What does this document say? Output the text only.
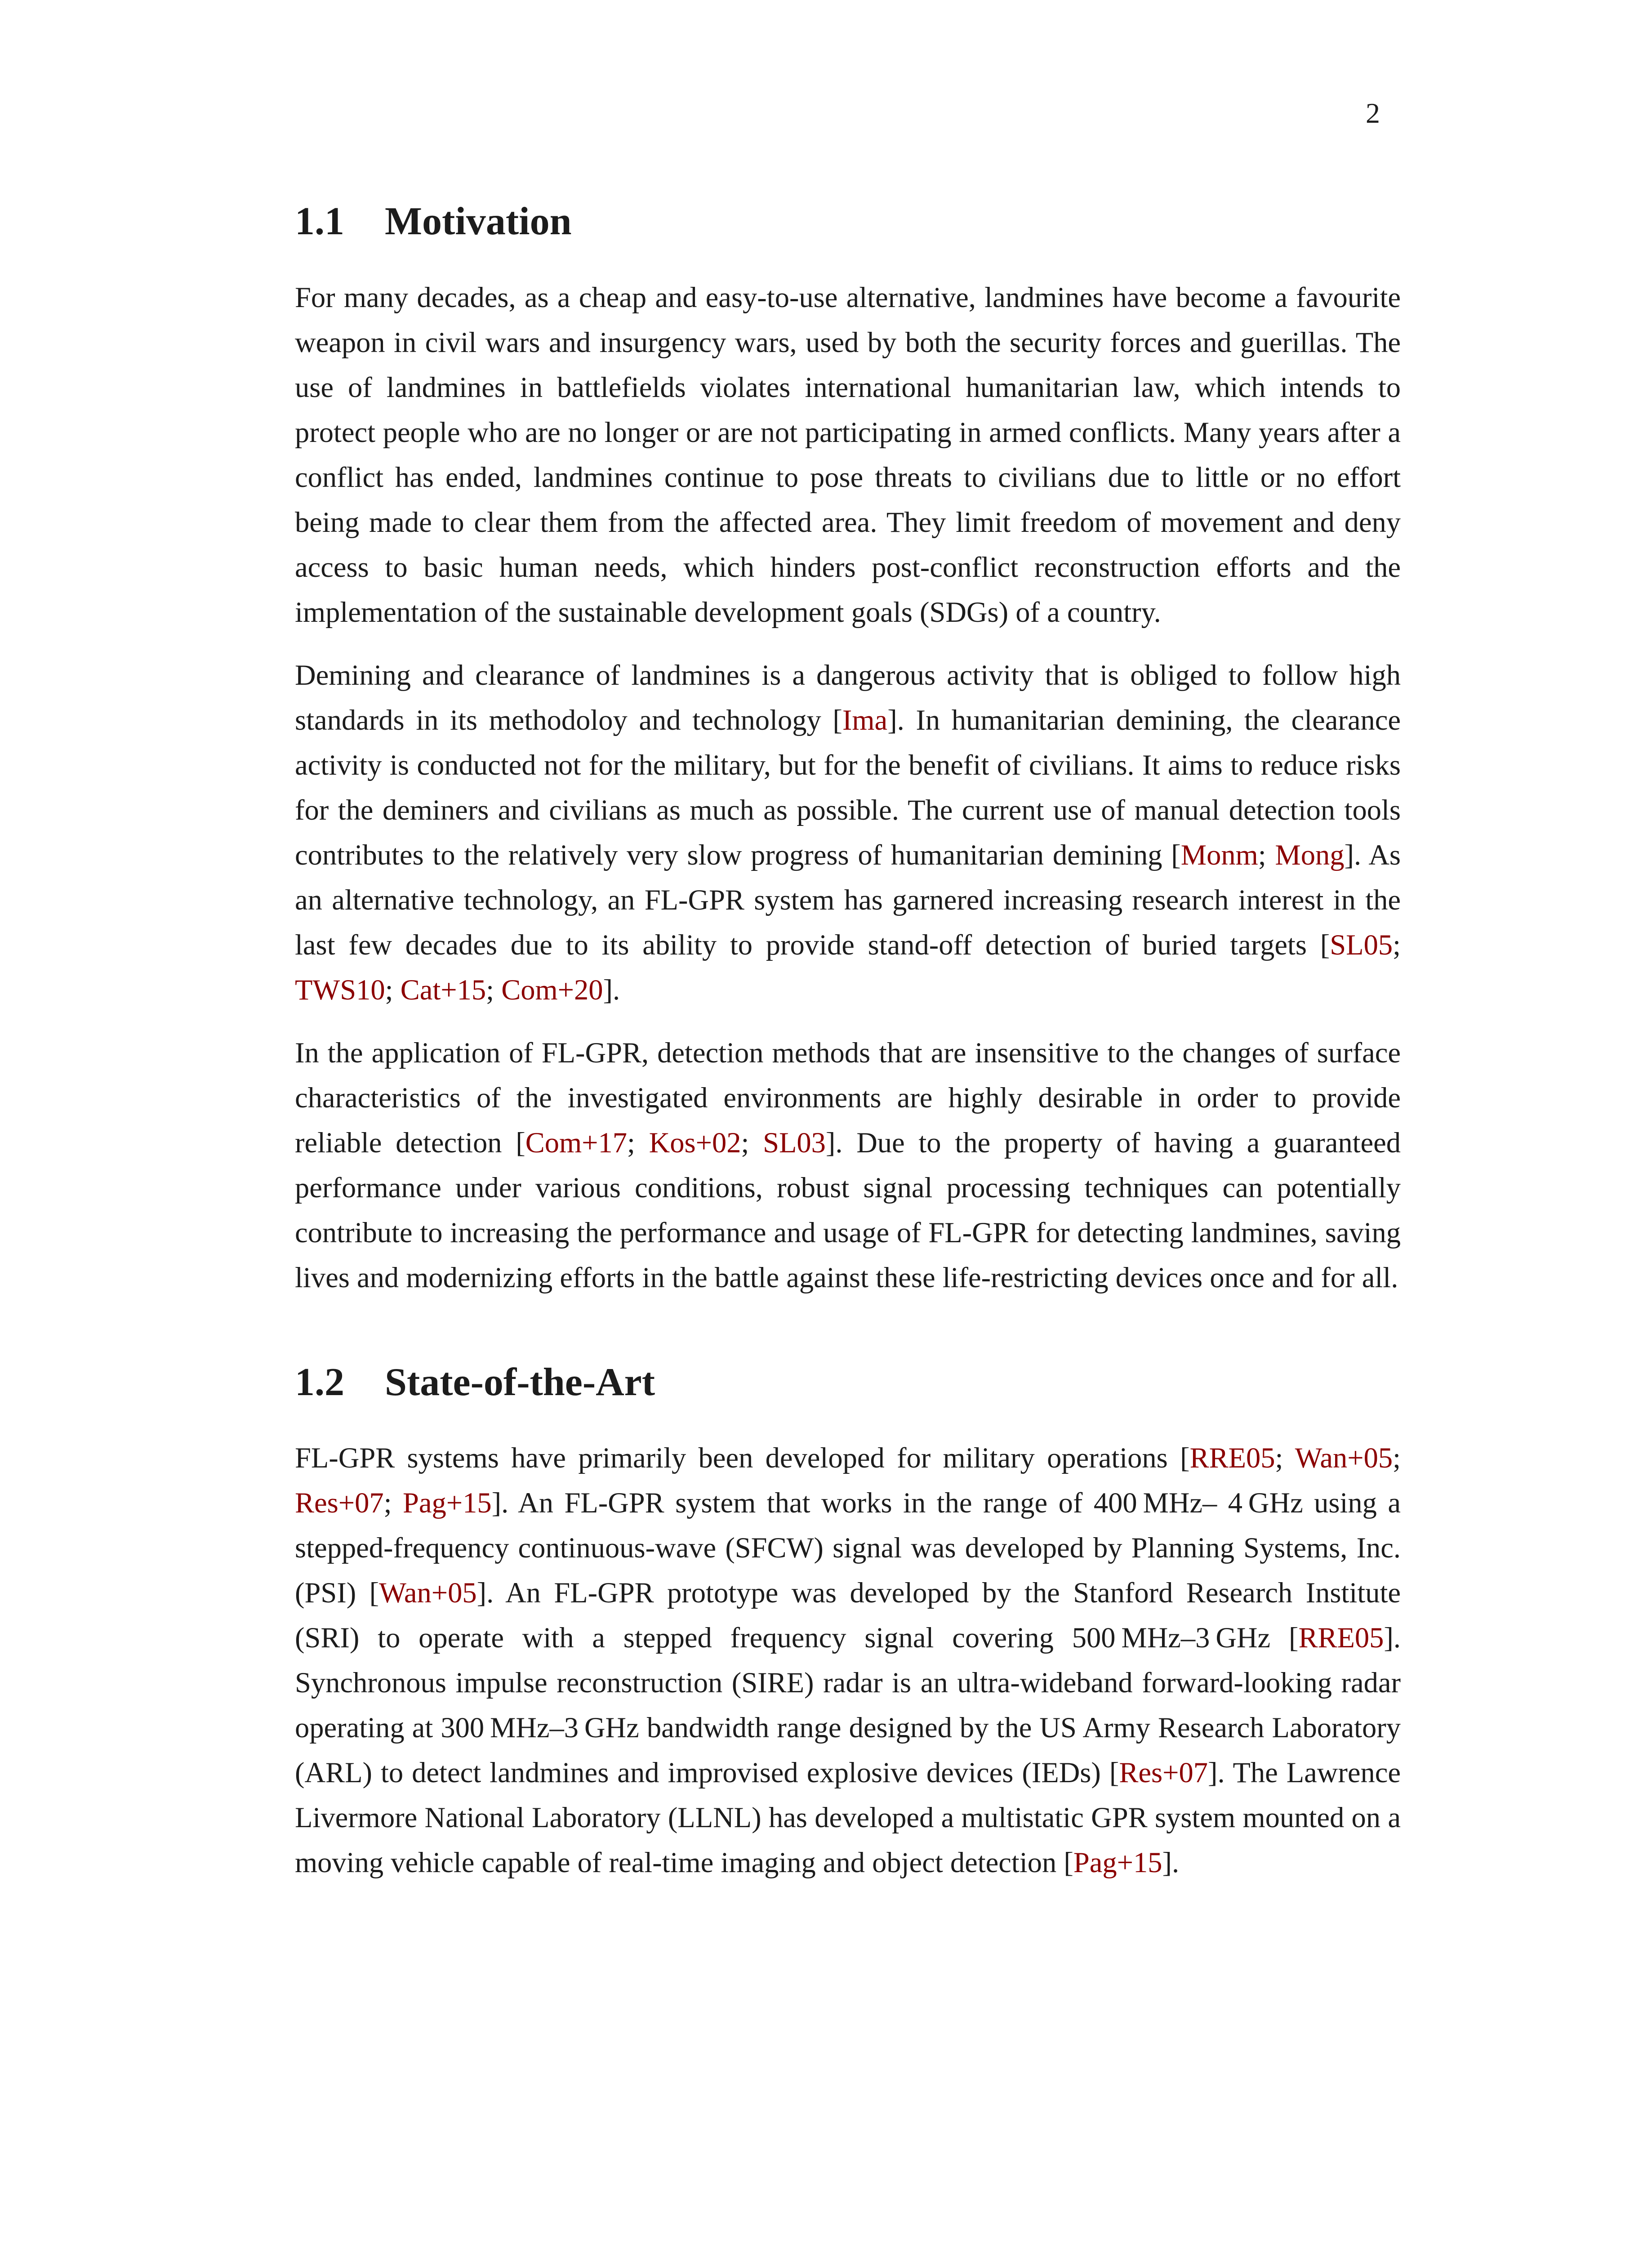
2
1.1	Motivation

For many decades, as a cheap and easy-to-use alternative, landmines have become a favourite weapon in civil wars and insurgency wars, used by both the security forces and guerillas. The use of landmines in battlefields violates international humanitarian law, which intends to protect people who are no longer or are not participating in armed conflicts. Many years after a conflict has ended, landmines continue to pose threats to civilians due to little or no effort being made to clear them from the affected area. They limit freedom of movement and deny access to basic human needs, which hinders post-conflict reconstruction efforts and the implementation of the sustainable development goals (SDGs) of a country.

Demining and clearance of landmines is a dangerous activity that is obliged to follow high standards in its methodoloy and technology [Ima]. In humanitarian demining, the clearance activity is conducted not for the military, but for the benefit of civilians. It aims to reduce risks for the deminers and civilians as much as possible. The current use of manual detection tools contributes to the relatively very slow progress of humanitarian demining [Monm; Mong]. As an alternative technology, an FL-GPR system has garnered increasing research interest in the last few decades due to its ability to provide stand-off detection of buried targets [SL05; TWS10; Cat+15; Com+20].

In the application of FL-GPR, detection methods that are insensitive to the changes of surface characteristics of the investigated environments are highly desirable in order to provide reliable detection [Com+17; Kos+02; SL03]. Due to the property of having a guaranteed performance under various conditions, robust signal processing techniques can potentially contribute to increasing the performance and usage of FL-GPR for detecting landmines, saving lives and modernizing efforts in the battle against these life-restricting devices once and for all.

1.2	State-of-the-Art

FL-GPR systems have primarily been developed for military operations [RRE05; Wan+05; Res+07; Pag+15]. An FL-GPR system that works in the range of 400 MHz– 4 GHz using a stepped-frequency continuous-wave (SFCW) signal was developed by Planning Systems, Inc. (PSI) [Wan+05]. An FL-GPR prototype was developed by the Stanford Research Institute (SRI) to operate with a stepped frequency signal covering 500 MHz–3 GHz [RRE05]. Synchronous impulse reconstruction (SIRE) radar is an ultra-wideband forward-looking radar operating at 300 MHz–3 GHz bandwidth range designed by the US Army Research Laboratory (ARL) to detect landmines and improvised explosive devices (IEDs) [Res+07]. The Lawrence Livermore National Laboratory (LLNL) has developed a multistatic GPR system mounted on a moving vehicle capable of real-time imaging and object detection [Pag+15].
